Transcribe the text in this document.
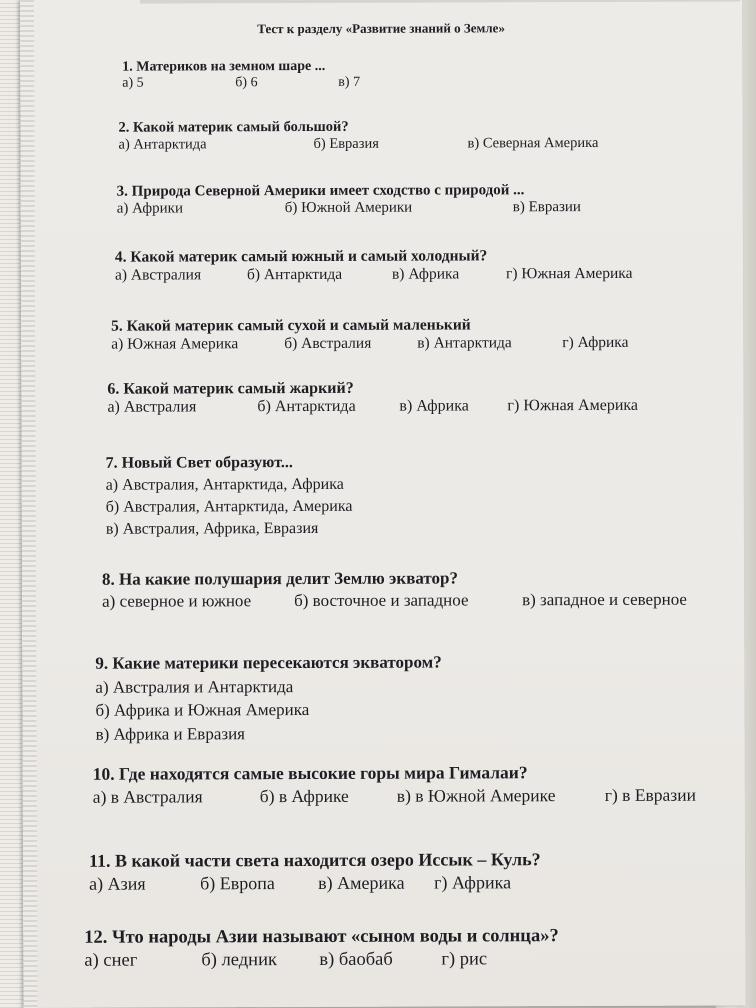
Тест к разделу «Развитие знаний о Земле»
1. Материков на земном шаре ...
а) 5	б) 6	в) 7
2. Какой материк самый большой?
а) Антарктида	б) Евразия	в) Северная Америка
3. Природа Северной Америки имеет сходство с природой ...
а) Африки	б) Южной Америки	в) Евразии
4. Какой материк самый южный и самый холодный?
а) Австралия	б) Антарктида	в) Африка	г) Южная Америка
5. Какой материк самый сухой и самый маленький
а) Южная Америка	б) Австралия	в) Антарктида	г) Африка
6. Какой материк самый жаркий?
а) Австралия	б) Антарктида	в) Африка г) Южная Америка
7. Новый Свет образуют...
а) Австралия, Антарктида, Африка
б) Австралия, Антарктида, Америка
в) Австралия, Африка, Евразия
8. На какие полушария делит Землю экватор?
а) северное и южное	б) восточное и западное	в) западное и северное
9. Какие материки пересекаются экватором?
а) Австралия и Антарктида
б) Африка и Южная Америка
в) Африка и Евразия
10. Где находятся самые высокие горы мира Гималаи?
а) в Австралия	б) в Африке	в) в Южной Америке	г) в Евразии
11. В какой части света находится озеро Иссык – Куль?
а) Азия	б) Европа в) Америка г) Африка
12. Что народы Азии называют «сыном воды и солнца»?
а) снег	б) ледник в) баобаб	г) рис
